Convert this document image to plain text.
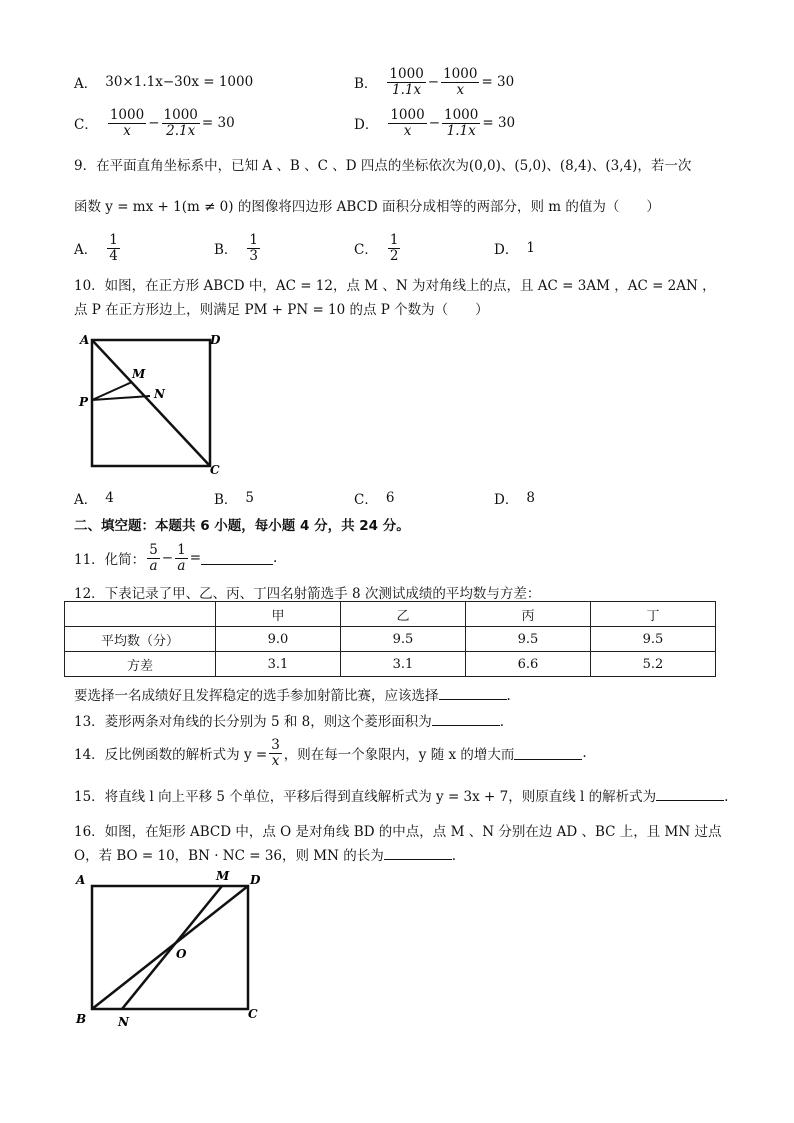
A． 30×1.1x−30x = 1000	B． $\frac{1000}{1.1x} - \frac{1000}{x} = 30$
C． $\frac{1000}{x} - \frac{1000}{2.1x} = 30$	D． $\frac{1000}{x} - \frac{1000}{1.1x} = 30$
9．在平面直角坐标系中，已知 A 、B 、C 、D 四点的坐标依次为(0,0)、(5,0)、(8,4)、(3,4)，若一次
函数 y = mx + 1(m ≠ 0) 的图像将四边形 ABCD 面积分成相等的两部分，则 m 的值为（　　）
A． $\frac{1}{4}$	B． $\frac{1}{3}$	C． $\frac{1}{2}$	D． 1
10．如图，在正方形 ABCD 中，AC = 12，点 M 、N 为对角线上的点，且 AC = 3AM ，AC = 2AN ，
点 P 在正方形边上，则满足 PM + PN = 10 的点 P 个数为（　　）
A	D
M
N
P
C
A． 4	B． 5	C． 6	D． 8
二、填空题：本题共 6 小题，每小题 4 分，共 24 分。
11．化简： $\frac{5}{a} - \frac{1}{a}$ =	.
12．下表记录了甲、乙、丙、丁四名射箭选手 8 次测试成绩的平均数与方差：
	甲	乙	丙	丁
平均数（分）	9.0	9.5	9.5	9.5
方差	3.1	3.1	6.6	5.2
要选择一名成绩好且发挥稳定的选手参加射箭比赛，应该选择	.
13．菱形两条对角线的长分别为 5 和 8，则这个菱形面积为	.
14．反比例函数的解析式为 $y = \frac{3}{x}$ ，则在每一个象限内，y 随 x 的增大而	.
15．将直线 l 向上平移 5 个单位，平移后得到直线解析式为 y = 3x + 7，则原直线 l 的解析式为	.
16．如图，在矩形 ABCD 中，点 O 是对角线 BD 的中点，点 M 、N 分别在边 AD 、BC 上，且 MN 过点
O，若 BO = 10，BN · NC = 36，则 MN 的长为	.
A	M D
O
B	N
C
